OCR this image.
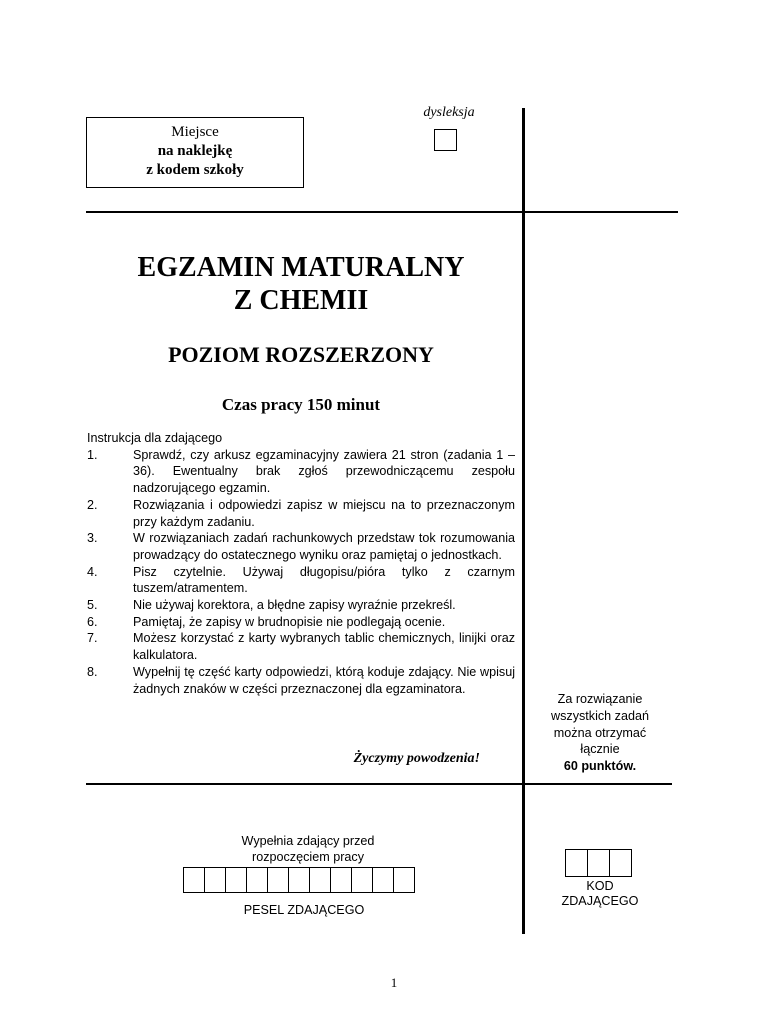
Miejsce
na naklejkę
z kodem szkoły
dysleksja
EGZAMIN MATURALNY
Z CHEMII
POZIOM ROZSZERZONY
Czas pracy 150 minut
Instrukcja dla zdającego
1.	Sprawdź, czy arkusz egzaminacyjny zawiera 21 stron (zadania 1 – 36). Ewentualny brak zgłoś przewodniczącemu zespołu nadzorującego egzamin.
2.	Rozwiązania i odpowiedzi zapisz w miejscu na to przeznaczonym przy każdym zadaniu.
3.	W rozwiązaniach zadań rachunkowych przedstaw tok rozumowania prowadzący do ostatecznego wyniku oraz pamiętaj o jednostkach.
4.	Pisz czytelnie. Używaj długopisu/pióra tylko z czarnym tuszem/atramentem.
5.	Nie używaj korektora, a błędne zapisy wyraźnie przekreśl.
6.	Pamiętaj, że zapisy w brudnopisie nie podlegają ocenie.
7.	Możesz korzystać z karty wybranych tablic chemicznych, linijki oraz kalkulatora.
8.	Wypełnij tę część karty odpowiedzi, którą koduje zdający. Nie wpisuj żadnych znaków w części przeznaczonej dla egzaminatora.
Życzymy powodzenia!
Za rozwiązanie
wszystkich zadań
można otrzymać
łącznie
60 punktów.
Wypełnia zdający przed
rozpoczęciem pracy
PESEL ZDAJĄCEGO
KOD
ZDAJĄCEGO
1
